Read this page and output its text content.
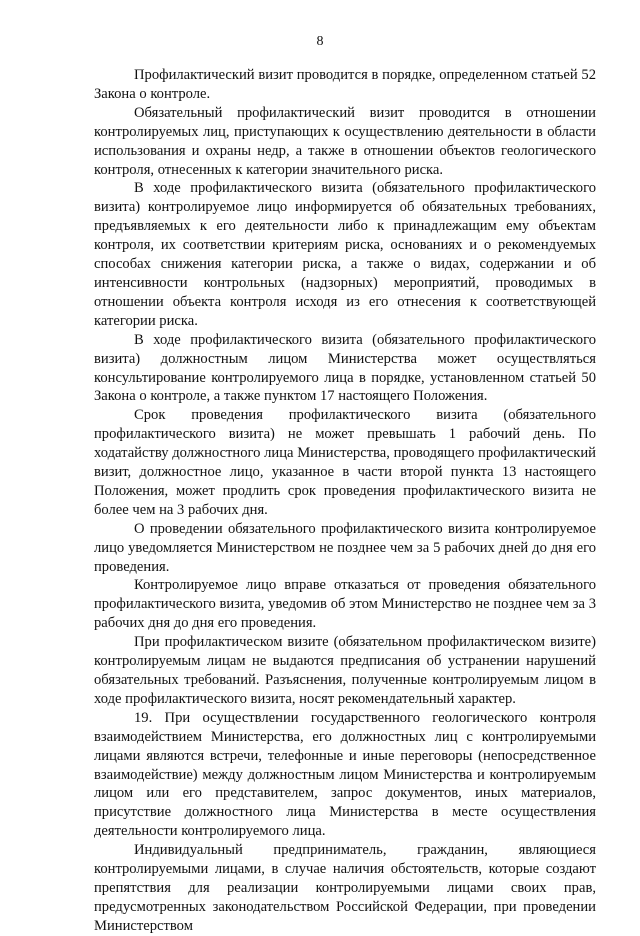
8

Профилактический визит проводится в порядке, определенном статьей 52 Закона о контроле.

Обязательный профилактический визит проводится в отношении контролируемых лиц, приступающих к осуществлению деятельности в области использования и охраны недр, а также в отношении объектов геологического контроля, отнесенных к категории значительного риска.

В ходе профилактического визита (обязательного профилактического визита) контролируемое лицо информируется об обязательных требованиях, предъявляемых к его деятельности либо к принадлежащим ему объектам контроля, их соответствии критериям риска, основаниях и о рекомендуемых способах снижения категории риска, а также о видах, содержании и об интенсивности контрольных (надзорных) мероприятий, проводимых в отношении объекта контроля исходя из его отнесения к соответствующей категории риска.

В ходе профилактического визита (обязательного профилактического визита) должностным лицом Министерства может осуществляться консультирование контролируемого лица в порядке, установленном статьей 50 Закона о контроле, а также пунктом 17 настоящего Положения.

Срок проведения профилактического визита (обязательного профилактического визита) не может превышать 1 рабочий день. По ходатайству должностного лица Министерства, проводящего профилактический визит, должностное лицо, указанное в части второй пункта 13 настоящего Положения, может продлить срок проведения профилактического визита не более чем на 3 рабочих дня.

О проведении обязательного профилактического визита контролируемое лицо уведомляется Министерством не позднее чем за 5 рабочих дней до дня его проведения.

Контролируемое лицо вправе отказаться от проведения обязательного профилактического визита, уведомив об этом Министерство не позднее чем за 3 рабочих дня до дня его проведения.

При профилактическом визите (обязательном профилактическом визите) контролируемым лицам не выдаются предписания об устранении нарушений обязательных требований. Разъяснения, полученные контролируемым лицом в ходе профилактического визита, носят рекомендательный характер.

19. При осуществлении государственного геологического контроля взаимодействием Министерства, его должностных лиц с контролируемыми лицами являются встречи, телефонные и иные переговоры (непосредственное взаимодействие) между должностным лицом Министерства и контролируемым лицом или его представителем, запрос документов, иных материалов, присутствие должностного лица Министерства в месте осуществления деятельности контролируемого лица.

Индивидуальный предприниматель, гражданин, являющиеся контролируемыми лицами, в случае наличия обстоятельств, которые создают препятствия для реализации контролируемыми лицами своих прав, предусмотренных законодательством Российской Федерации, при проведении Министерством
